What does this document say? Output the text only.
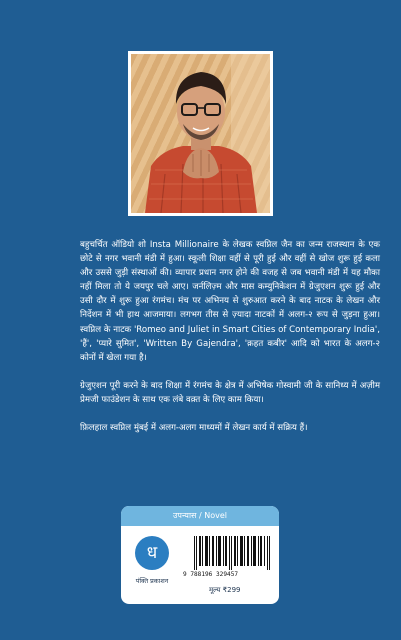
बहुचर्चित ऑडियो शो Insta Millionaire के लेखक स्वप्निल जैन का जन्म राजस्थान के एक छोटे से नगर भवानी मंडी में हुआ। स्कूली शिक्षा वहीं से पूरी हुई और वहीं से खोज शुरू हुई कला और उससे जुड़ी संस्थाओं की। व्यापार प्रधान नगर होने की वजह से जब भवानी मंडी में यह मौका नहीं मिला तो ये जयपुर चले आए। जर्नलिज़्म और मास कम्युनिकेशन में ग्रेजुएशन शुरू हुई और उसी दौर में शुरू हुआ रंगमंच। मंच पर अभिनय से शुरुआत करने के बाद नाटक के लेखन और निर्देशन में भी हाथ आजमाया। लगभग तीस से ज़्यादा नाटकों में अलग-२ रूप से जुड़ना हुआ। स्वप्निल के नाटक 'Romeo and Juliet in Smart Cities of Contemporary India', 'हैं', 'प्यारे सुमित', 'Written By Gajendra', 'क़हत कबीर' आदि को भारत के अलग-२ कोनों में खेला गया है।

ग्रेजुएशन पूरी करने के बाद शिक्षा में रंगमंच के क्षेत्र में अभिषेक गोस्वामी जी के सानिध्य में अज़ीम प्रेमजी फाउंडेशन के साथ एक लंबे वक़्त के लिए काम किया।

फ़िलहाल स्वप्निल मुंबई में अलग-अलग माध्यमों में लेखन कार्य में सक्रिय हैं।

उपन्यास / Novel
ध
पंक्ति प्रकाशन
9 788196 329457
मूल्य ₹299
